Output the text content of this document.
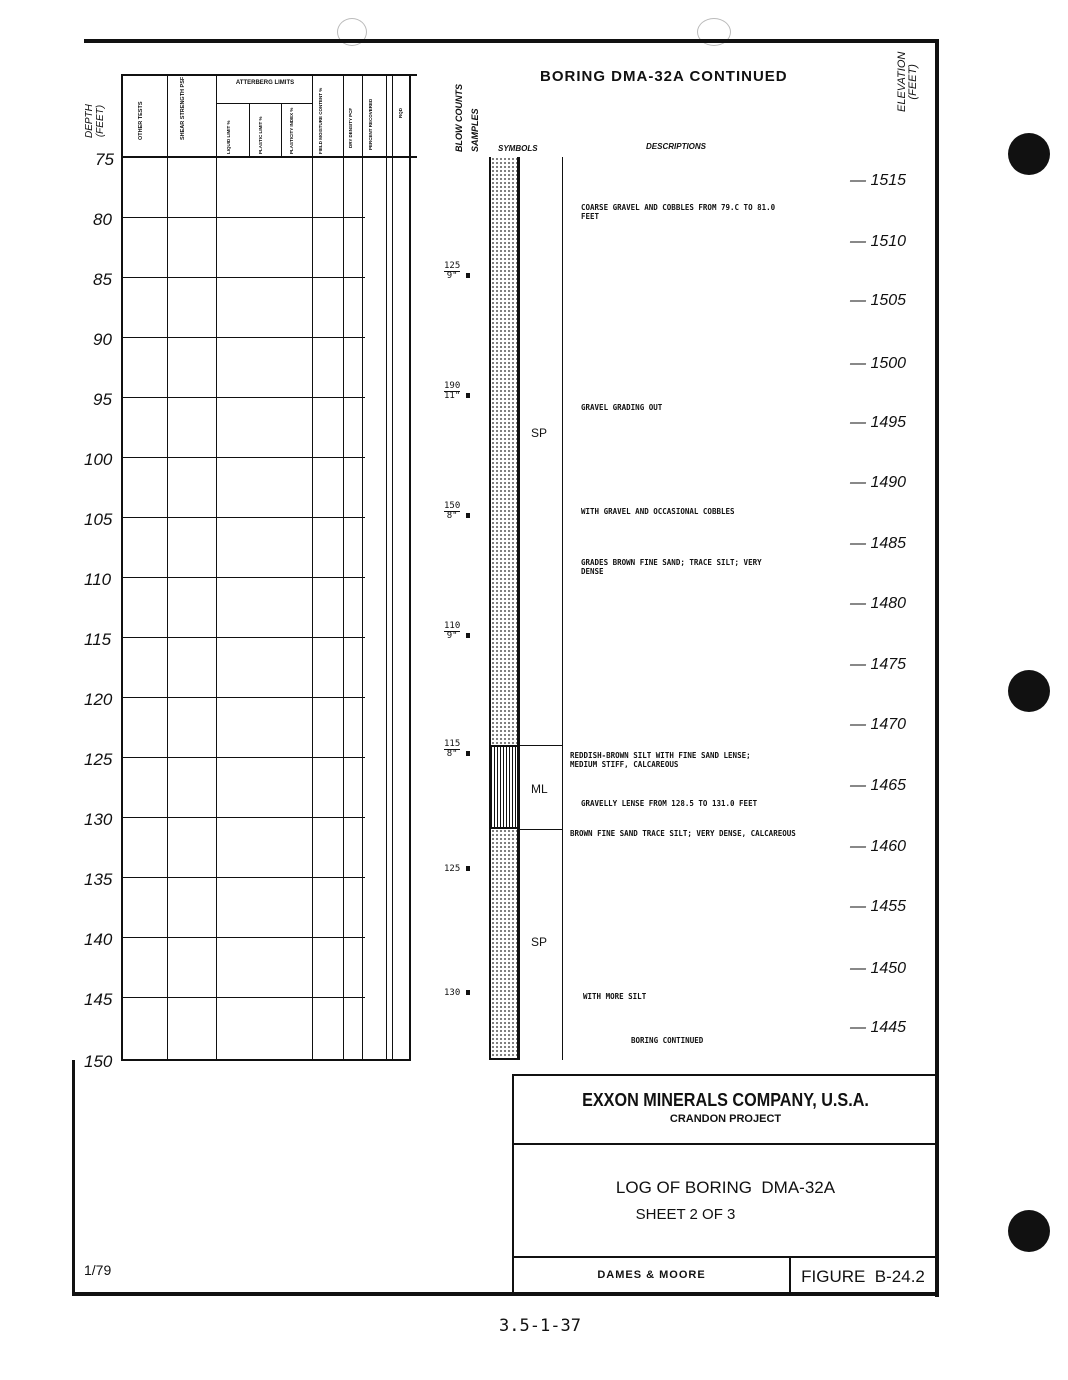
BORING DMA-32A CONTINUED
DEPTH
(FEET)
ELEVATION
(FEET)
OTHER TESTS	SHEAR STRENGTH PSF	ATTERBERG LIMITS
LIQUID LIMIT %	PLASTIC LIMIT %	PLASTICITY INDEX %	FIELD MOISTURE CONTENT %	DRY DENSITY PCF	PERCENT RECOVERED	RQD	BLOW COUNTS SAMPLES SYMBOLS	DESCRIPTIONS
SP
ML
SP
$\frac{125}{9"}$
$\frac{190}{11"}$
$\frac{150}{8"}$
$\frac{110}{9"}$
$\frac{115}{8"}$
125
130
COARSE GRAVEL AND COBBLES FROM 79.C TO 81.0
FEET
GRAVEL GRADING OUT
WITH GRAVEL AND OCCASIONAL COBBLES
GRADES BROWN FINE SAND; TRACE SILT; VERY
DENSE
REDDISH-BROWN SILT WITH FINE SAND LENSE;
MEDIUM STIFF, CALCAREOUS
GRAVELLY LENSE FROM 128.5 TO 131.0 FEET
BROWN FINE SAND TRACE SILT; VERY DENSE, CALCAREOUS
WITH MORE SILT
BORING CONTINUED
75
80
85
90
95
100
105
110
115
120
125
130
135
140
145
150
— 1515
— 1510
— 1505
— 1500
— 1495
— 1490
— 1485
— 1480
— 1475
— 1470
— 1465
— 1460
— 1455
— 1450
— 1445
EXXON MINERALS COMPANY, U.S.A.
CRANDON PROJECT
LOG OF BORING  DMA-32A
SHEET 2 OF 3
DAMES & MOORE	FIGURE  B-24.2
1/79
3.5-1-37
